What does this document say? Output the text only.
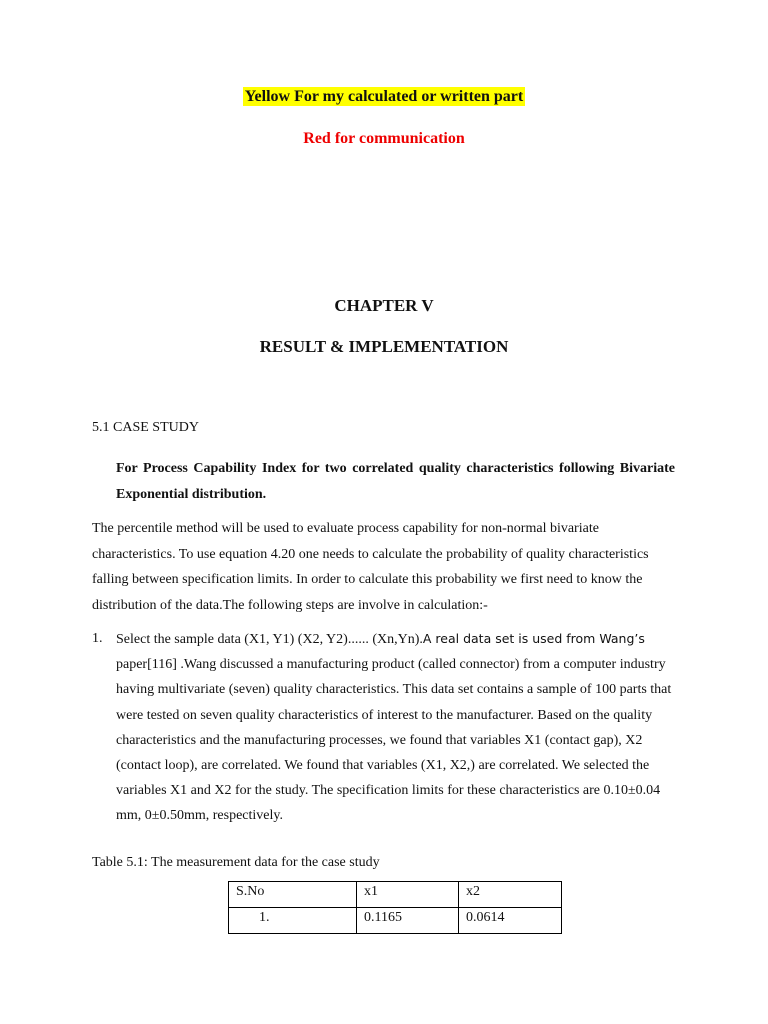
Yellow For my calculated or written part
Red for communication
CHAPTER V
RESULT & IMPLEMENTATION
5.1 CASE STUDY
For Process Capability Index for two correlated quality characteristics following Bivariate Exponential distribution.
The percentile method will be used to evaluate process capability for non-normal bivariate characteristics. To use equation 4.20 one needs to calculate the probability of quality characteristics falling between specification limits. In order to calculate this probability we first need to know the distribution of the data.The following steps are involve in calculation:-
1. Select the sample data (X1, Y1) (X2, Y2)...... (Xn,Yn).A real data set is used from Wang’s paper[116] .Wang discussed a manufacturing product (called connector) from a computer industry having multivariate (seven) quality characteristics. This data set contains a sample of 100 parts that were tested on seven quality characteristics of interest to the manufacturer. Based on the quality characteristics and the manufacturing processes, we found that variables X1 (contact gap), X2 (contact loop), are correlated. We found that variables (X1, X2,) are correlated. We selected the variables X1 and X2 for the study. The specification limits for these characteristics are 0.10±0.04 mm, 0±0.50mm, respectively.
Table 5.1: The measurement data for the case study
S.No	x1	x2
1.	0.1165	0.0614
